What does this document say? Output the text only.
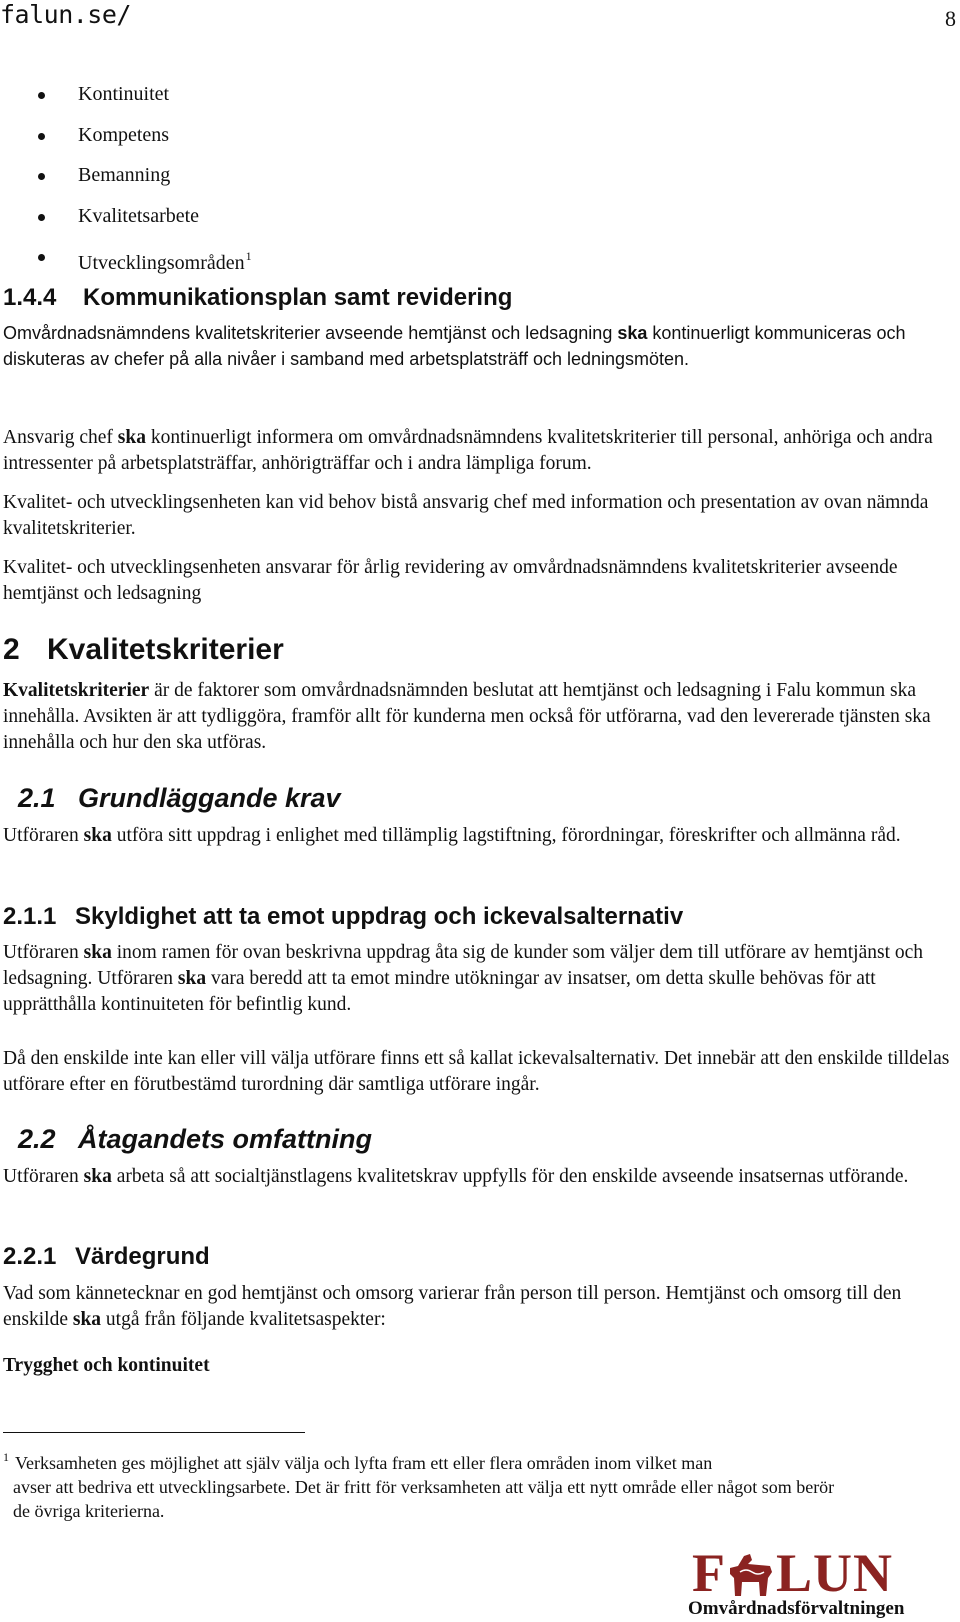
falun.se/	8
Kontinuitet
Kompetens
Bemanning
Kvalitetsarbete
Utvecklingsområden$^1$
1.4.4 Kommunikationsplan samt revidering
Omvårdnadsnämndens kvalitetskriterier avseende hemtjänst och ledsagning ska kontinuerligt kommuniceras och diskuteras av chefer på alla nivåer i samband med arbetsplatsträff och ledningsmöten.
Ansvarig chef ska kontinuerligt informera om omvårdnadsnämndens kvalitetskriterier till personal, anhöriga och andra intressenter på arbetsplatsträffar, anhörigträffar och i andra lämpliga forum.
Kvalitet- och utvecklingsenheten kan vid behov bistå ansvarig chef med information och presentation av ovan nämnda kvalitetskriterier.
Kvalitet- och utvecklingsenheten ansvarar för årlig revidering av omvårdnadsnämndens kvalitetskriterier avseende hemtjänst och ledsagning
2 Kvalitetskriterier
Kvalitetskriterier är de faktorer som omvårdnadsnämnden beslutat att hemtjänst och ledsagning i Falu kommun ska innehålla. Avsikten är att tydliggöra, framför allt för kunderna men också för utförarna, vad den levererade tjänsten ska innehålla och hur den ska utföras.
2.1 Grundläggande krav
Utföraren ska utföra sitt uppdrag i enlighet med tillämplig lagstiftning, förordningar, föreskrifter och allmänna råd.
2.1.1 Skyldighet att ta emot uppdrag och ickevalsalternativ
Utföraren ska inom ramen för ovan beskrivna uppdrag åta sig de kunder som väljer dem till utförare av hemtjänst och ledsagning. Utföraren ska vara beredd att ta emot mindre utökningar av insatser, om detta skulle behövas för att upprätthålla kontinuiteten för befintlig kund.
Då den enskilde inte kan eller vill välja utförare finns ett så kallat ickevalsalternativ. Det innebär att den enskilde tilldelas utförare efter en förutbestämd turordning där samtliga utförare ingår.
2.2 Åtagandets omfattning
Utföraren ska arbeta så att socialtjänstlagens kvalitetskrav uppfylls för den enskilde avseende insatsernas utförande.
2.2.1 Värdegrund
Vad som kännetecknar en god hemtjänst och omsorg varierar från person till person. Hemtjänst och omsorg till den enskilde ska utgå från följande kvalitetsaspekter:
Trygghet och kontinuitet
$^1$ Verksamheten ges möjlighet att själv välja och lyfta fram ett eller flera områden inom vilket man
avser att bedriva ett utvecklingsarbete. Det är fritt för verksamheten att välja ett nytt område eller något som berör de övriga kriterierna.
F LUN
Omvårdnadsförvaltningen
